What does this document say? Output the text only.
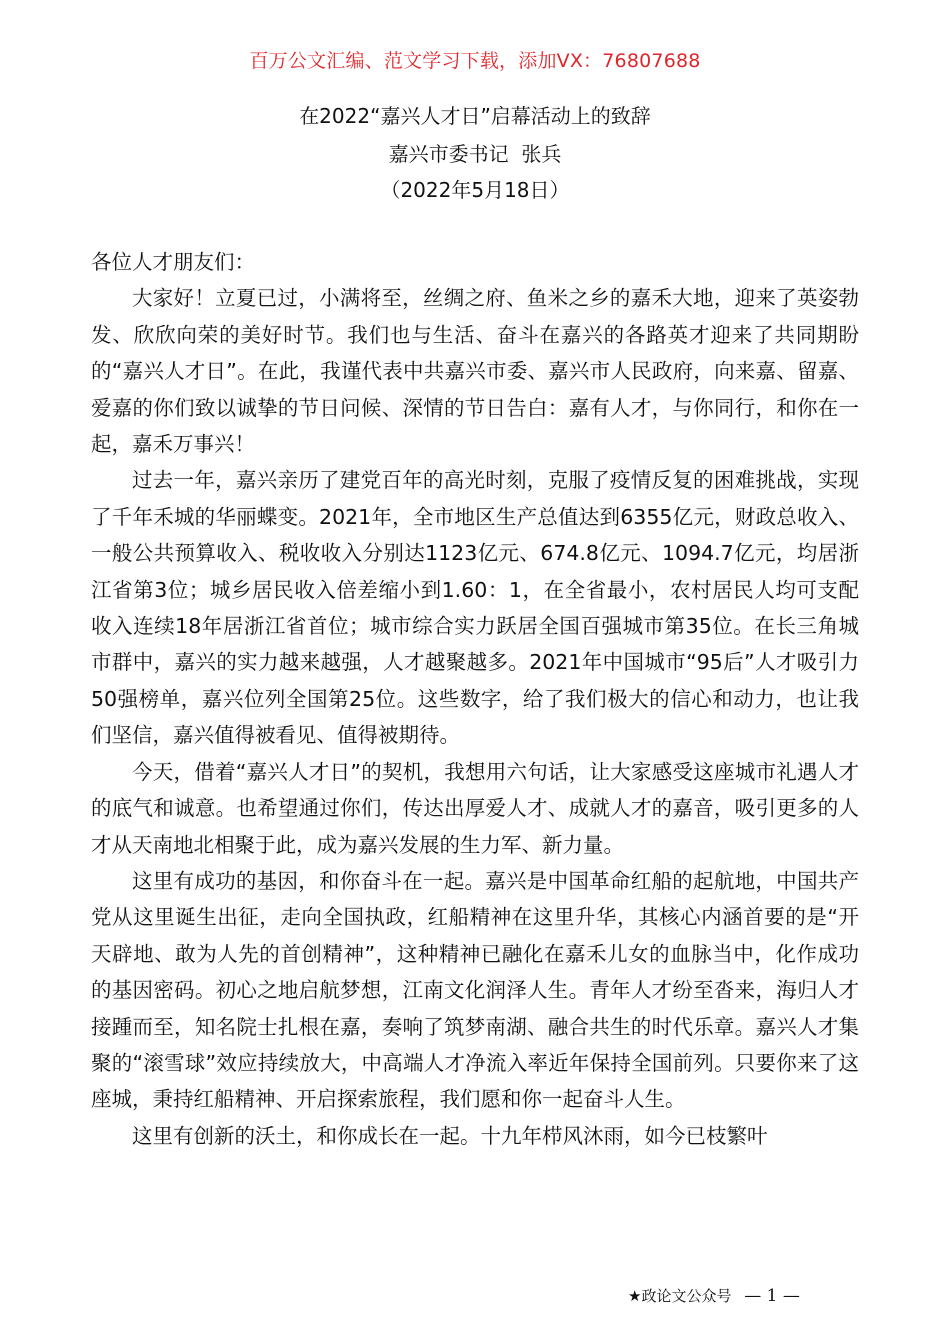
百万公文汇编、范文学习下载，添加VX：76807688
在2022“嘉兴人才日”启幕活动上的致辞
嘉兴市委书记  张兵
（2022年5月18日）

各位人才朋友们：

大家好！立夏已过，小满将至，丝绸之府、鱼米之乡的嘉禾大地，迎来了英姿勃发、欣欣向荣的美好时节。我们也与生活、奋斗在嘉兴的各路英才迎来了共同期盼的“嘉兴人才日”。在此，我谨代表中共嘉兴市委、嘉兴市人民政府，向来嘉、留嘉、爱嘉的你们致以诚挚的节日问候、深情的节日告白：嘉有人才，与你同行，和你在一起，嘉禾万事兴！

过去一年，嘉兴亲历了建党百年的高光时刻，克服了疫情反复的困难挑战，实现了千年禾城的华丽蝶变。2021年，全市地区生产总值达到6355亿元，财政总收入、一般公共预算收入、税收收入分别达1123亿元、674.8亿元、1094.7亿元，均居浙江省第3位；城乡居民收入倍差缩小到1.60：1，在全省最小，农村居民人均可支配收入连续18年居浙江省首位；城市综合实力跃居全国百强城市第35位。在长三角城市群中，嘉兴的实力越来越强，人才越聚越多。2021年中国城市“95后”人才吸引力50强榜单，嘉兴位列全国第25位。这些数字，给了我们极大的信心和动力，也让我们坚信，嘉兴值得被看见、值得被期待。

今天，借着“嘉兴人才日”的契机，我想用六句话，让大家感受这座城市礼遇人才的底气和诚意。也希望通过你们，传达出厚爱人才、成就人才的嘉音，吸引更多的人才从天南地北相聚于此，成为嘉兴发展的生力军、新力量。

这里有成功的基因，和你奋斗在一起。嘉兴是中国革命红船的起航地，中国共产党从这里诞生出征，走向全国执政，红船精神在这里升华，其核心内涵首要的是“开天辟地、敢为人先的首创精神”，这种精神已融化在嘉禾儿女的血脉当中，化作成功的基因密码。初心之地启航梦想，江南文化润泽人生。青年人才纷至沓来，海归人才接踵而至，知名院士扎根在嘉，奏响了筑梦南湖、融合共生的时代乐章。嘉兴人才集聚的“滚雪球”效应持续放大，中高端人才净流入率近年保持全国前列。只要你来了这座城，秉持红船精神、开启探索旅程，我们愿和你一起奋斗人生。

这里有创新的沃土，和你成长在一起。十九年栉风沐雨，如今已枝繁叶

★政论文公众号 — 1 —
